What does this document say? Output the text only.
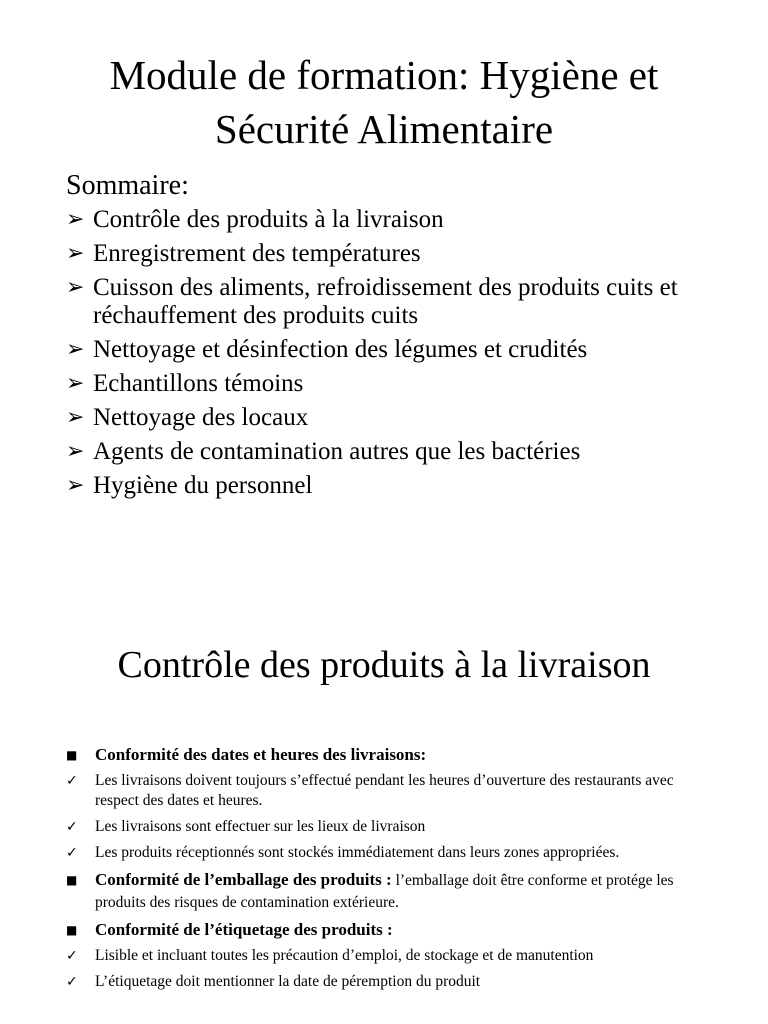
Module de formation: Hygiène et
Sécurité Alimentaire
Sommaire:
➢ Contrôle des produits à la livraison
➢ Enregistrement des températures
➢ Cuisson des aliments, refroidissement des produits cuits et réchauffement des produits cuits
➢ Nettoyage et désinfection des légumes et crudités
➢ Echantillons témoins
➢ Nettoyage des locaux
➢ Agents de contamination autres que les bactéries
➢ Hygiène du personnel
Contrôle des produits à la livraison
■ Conformité des dates et heures des livraisons:
✓ Les livraisons doivent toujours s’effectué pendant les heures d’ouverture des restaurants avec respect des dates et heures.
✓ Les livraisons sont effectuer sur les lieux de livraison
✓ Les produits réceptionnés sont stockés immédiatement dans leurs zones appropriées.
■ Conformité de l’emballage des produits : l’emballage doit être conforme et protége les produits des risques de contamination extérieure.
■ Conformité de l’étiquetage des produits :
✓ Lisible et incluant toutes les précaution d’emploi, de stockage et de manutention
✓ L’étiquetage doit mentionner la date de péremption du produit
